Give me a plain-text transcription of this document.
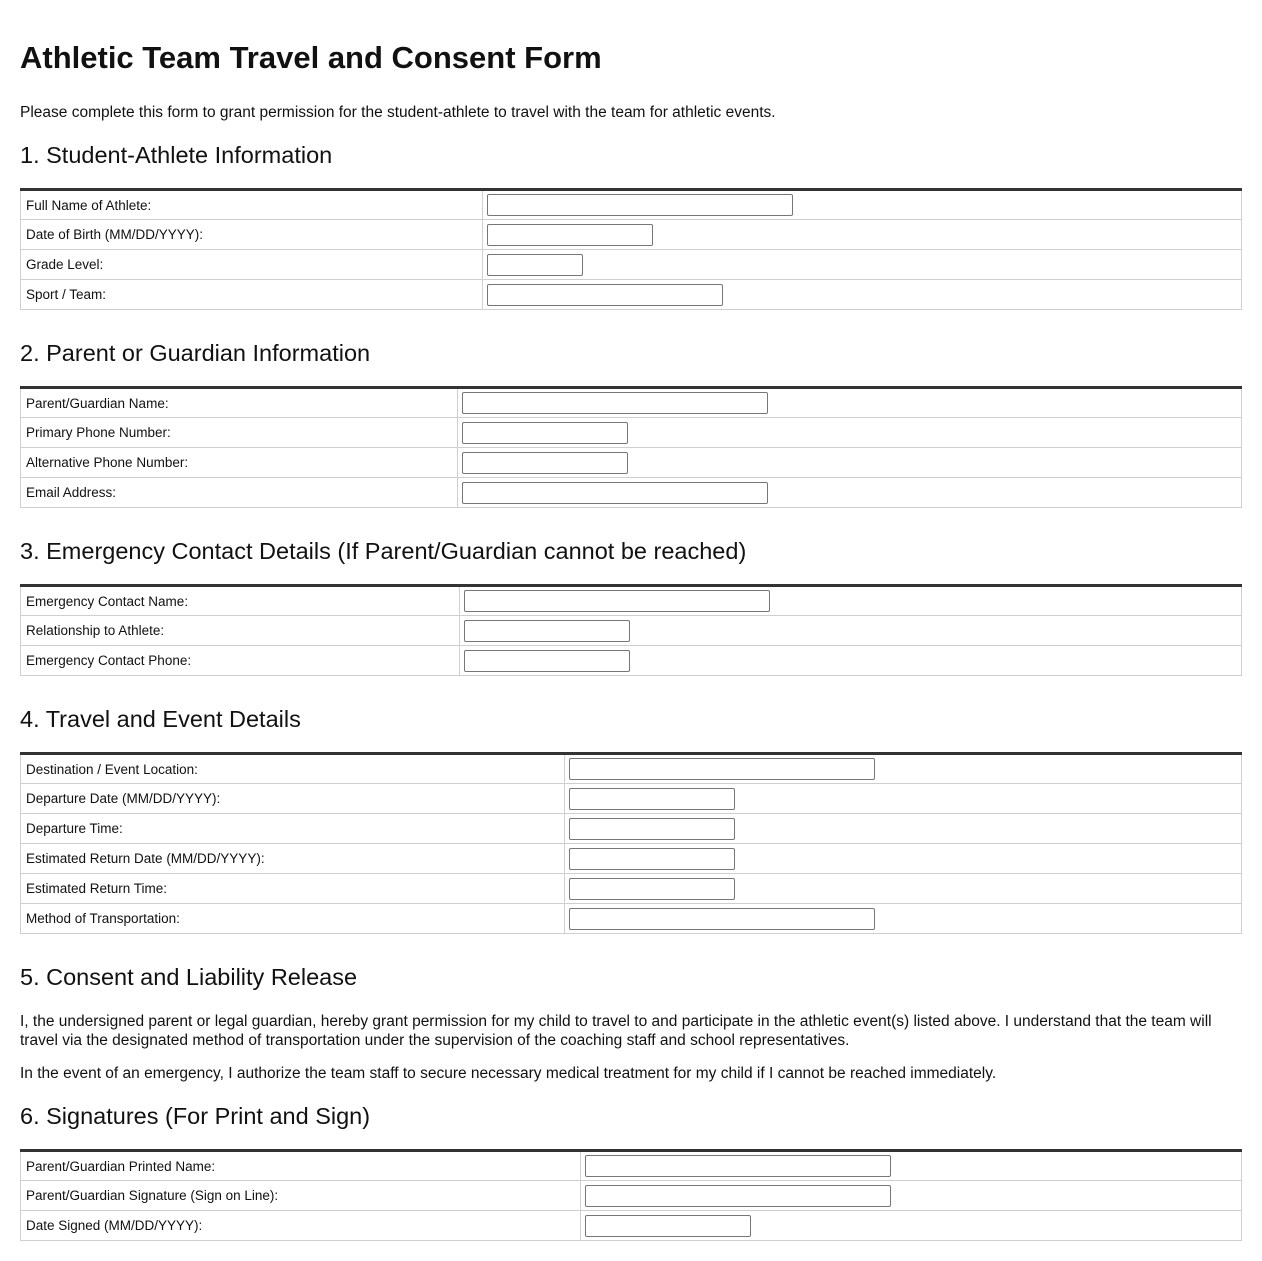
Athletic Team Travel and Consent Form

Please complete this form to grant permission for the student-athlete to travel with the team for athletic events.

1. Student-Athlete Information
Full Name of Athlete:	

Date of Birth (MM/DD/YYYY):	

Grade Level:	

Sport / Team:	
2. Parent or Guardian Information
Parent/Guardian Name:	

Primary Phone Number:	

Alternative Phone Number:	

Email Address:	
3. Emergency Contact Details (If Parent/Guardian cannot be reached)
Emergency Contact Name:	

Relationship to Athlete:	

Emergency Contact Phone:	
4. Travel and Event Details
Destination / Event Location:	

Departure Date (MM/DD/YYYY):	

Departure Time:	

Estimated Return Date (MM/DD/YYYY):	

Estimated Return Time:	

Method of Transportation:	
5. Consent and Liability Release

I, the undersigned parent or legal guardian, hereby grant permission for my child to travel to and participate in the athletic event(s) listed above. I understand that the team will travel via the designated method of transportation under the supervision of the coaching staff and school representatives.

In the event of an emergency, I authorize the team staff to secure necessary medical treatment for my child if I cannot be reached immediately.

6. Signatures (For Print and Sign)
Parent/Guardian Printed Name:	

Parent/Guardian Signature (Sign on Line):	

Date Signed (MM/DD/YYYY):	
